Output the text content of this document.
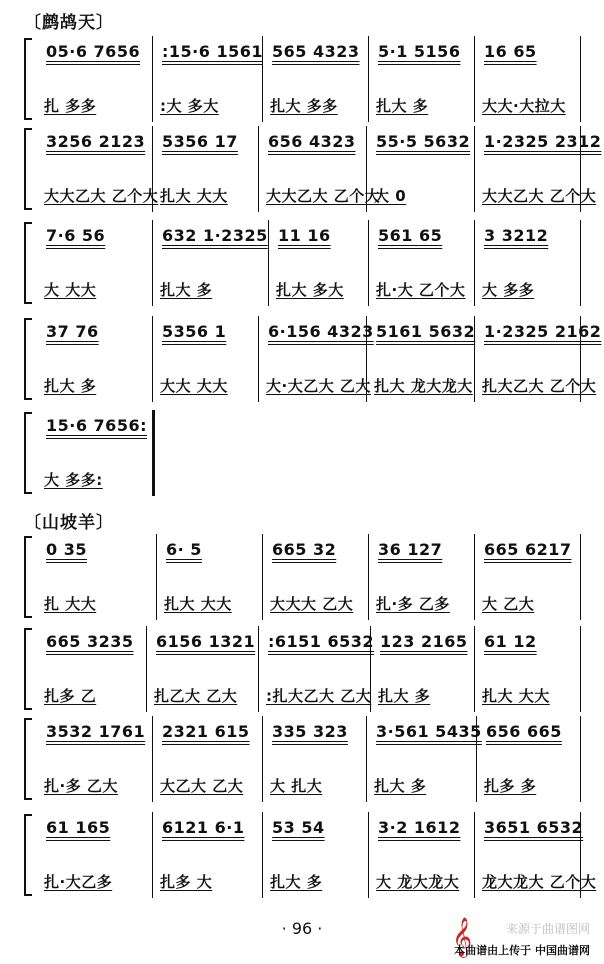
〔鹧鸪天〕
05·6 7656
扎 多多
:15·6 1561
:大 多大
565 4323
扎大 多多
5·1 5156
扎大 多
16 65
大大·大拉大
3256 2123
大大乙大 乙个大
5356 17
扎大 大大
656 4323
大大乙大 乙个大
55·5 5632
大 0
1·2325 2312
大大乙大 乙个大
7·6 56
大 大大
632 1·2325
扎大 多
11 16
扎大 多大
561 65
扎·大 乙个大
3 3212
大 多多
37 76
扎大 多
5356 1
大大 大大
6·156 4323
大·大乙大 乙大
5161 5632
扎大 龙大龙大
1·2325 2162
扎大乙大 乙个大
15·6 7656:
大 多多:
〔山坡羊〕
0 35
扎 大大
6· 5
扎大 大大
665 32
大大大 乙大
36 127
扎·多 乙多
665 6217
大 乙大
665 3235
扎多 乙
6156 1321
扎乙大 乙大
:6151 6532
:扎大乙大 乙大
123 2165
扎大 多
61 12
扎大 大大
3532 1761
扎·多 乙大
2321 615
大乙大 乙大
335 323
大 扎大
3·561 5435
扎大 多
656 665
扎多 多
61 165
扎·大乙多
6121 6·1
扎多 大
53 54
扎大 多
3·2 1612
大 龙大龙大
3651 6532
龙大龙大 乙个大
· 96 ·	来源于曲谱图网
𝄞
本曲谱由上传于 中国曲谱网
